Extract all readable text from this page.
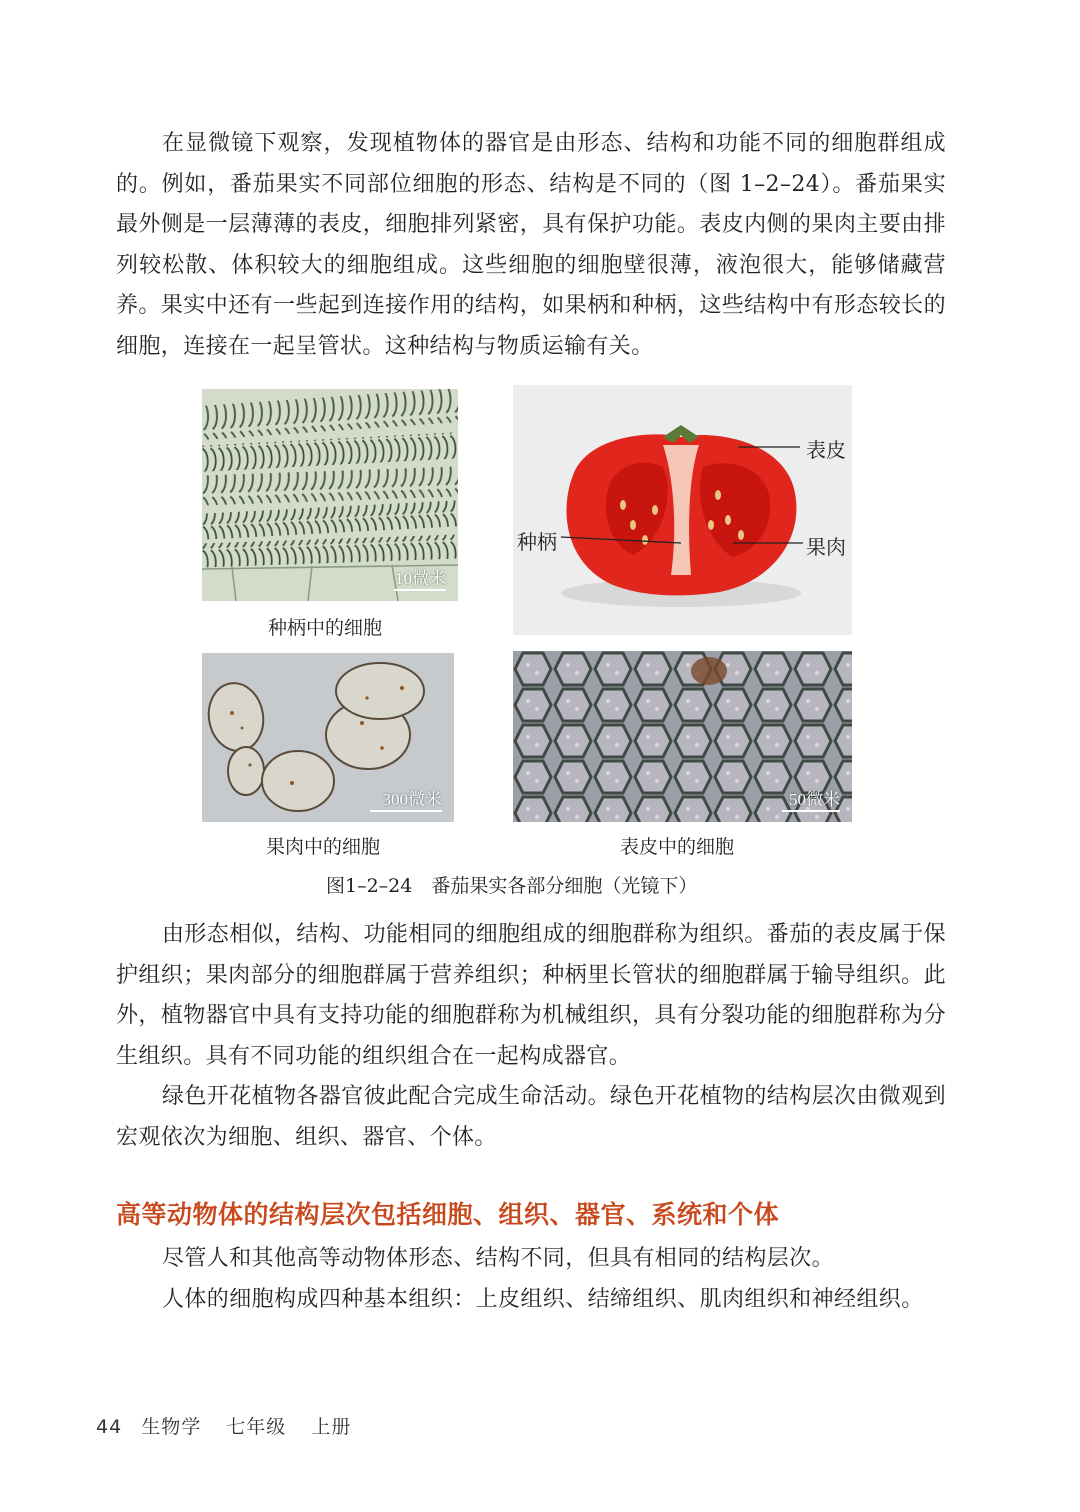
在显微镜下观察，发现植物体的器官是由形态、结构和功能不同的细胞群组成的。例如，番茄果实不同部位细胞的形态、结构是不同的（图 1–2–24）。番茄果实最外侧是一层薄薄的表皮，细胞排列紧密，具有保护功能。表皮内侧的果肉主要由排列较松散、体积较大的细胞组成。这些细胞的细胞壁很薄，液泡很大，能够储藏营养。果实中还有一些起到连接作用的结构，如果柄和种柄，这些结构中有形态较长的细胞，连接在一起呈管状。这种结构与物质运输有关。

10微米

种柄中的细胞

表皮
种柄	果肉
300微米

果肉中的细胞

50微米

表皮中的细胞

图1–2–24　番茄果实各部分细胞（光镜下）

由形态相似，结构、功能相同的细胞组成的细胞群称为组织。番茄的表皮属于保护组织；果肉部分的细胞群属于营养组织；种柄里长管状的细胞群属于输导组织。此外，植物器官中具有支持功能的细胞群称为机械组织，具有分裂功能的细胞群称为分生组织。具有不同功能的组织组合在一起构成器官。

绿色开花植物各器官彼此配合完成生命活动。绿色开花植物的结构层次由微观到宏观依次为细胞、组织、器官、个体。

高等动物体的结构层次包括细胞、组织、器官、系统和个体

尽管人和其他高等动物体形态、结构不同，但具有相同的结构层次。

人体的细胞构成四种基本组织：上皮组织、结缔组织、肌肉组织和神经组织。

44 生物学 七年级 上册
